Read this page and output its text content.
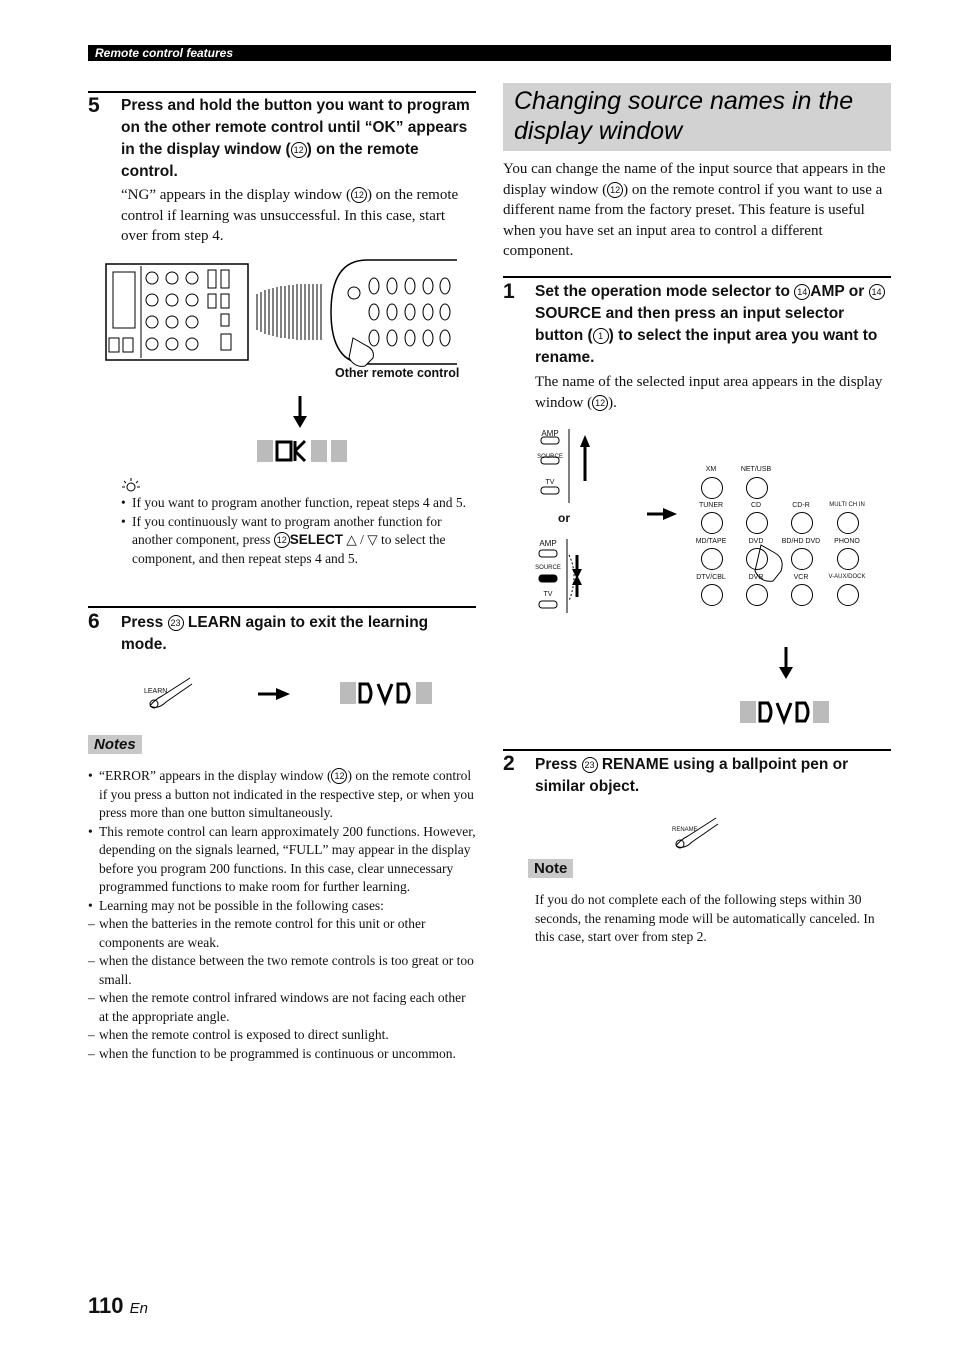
Remote control features
5 Press and hold the button you want to program on the other remote control until “OK” appears in the display window ( 12 ) on the remote control.
“NG” appears in the display window ( 12 ) on the remote control if learning was unsuccessful. In this case, start over from step 4.
Other remote control
• If you want to program another function, repeat steps 4 and 5.
• If you continuously want to program another function for another component, press 12 SELECT △ / ▽ to select the component, and then repeat steps 4 and 5.
6 Press 23 LEARN again to exit the learning mode.
LEARN
Notes
• “ERROR” appears in the display window ( 12 ) on the remote control if you press a button not indicated in the respective step, or when you press more than one button simultaneously.
• This remote control can learn approximately 200 functions. However, depending on the signals learned, “FULL” may appear in the display before you program 200 functions. In this case, clear unnecessary programmed functions to make room for further learning.
• Learning may not be possible in the following cases:
– when the batteries in the remote control for this unit or other components are weak.
– when the distance between the two remote controls is too great or too small.
– when the remote control infrared windows are not facing each other at the appropriate angle.
– when the remote control is exposed to direct sunlight.
– when the function to be programmed is continuous or uncommon.
Changing source names in the display window
You can change the name of the input source that appears in the display window ( 12 ) on the remote control if you want to use a different name from the factory preset. This feature is useful when you have set an input area to control a different component.
1 Set the operation mode selector to 14 AMP or 14SOURCE and then press an input selector button ( 1 ) to select the input area you want to rename.
The name of the selected input area appears in the display window ( 12 ).
AMP
SOURCE
TV
or
AMP
SOURCE
TV
XM	NET/USB
TUNER	CD	CD-R	MULTI CH IN
MD/TAPE	DVD	BD/HD DVD	PHONO
DTV/CBL	DVR	VCR	V-AUX/DOCK
2 Press 23 RENAME using a ballpoint pen or similar object.
RENAME
Note
If you do not complete each of the following steps within 30 seconds, the renaming mode will be automatically canceled. In this case, start over from step 2.
110 En
